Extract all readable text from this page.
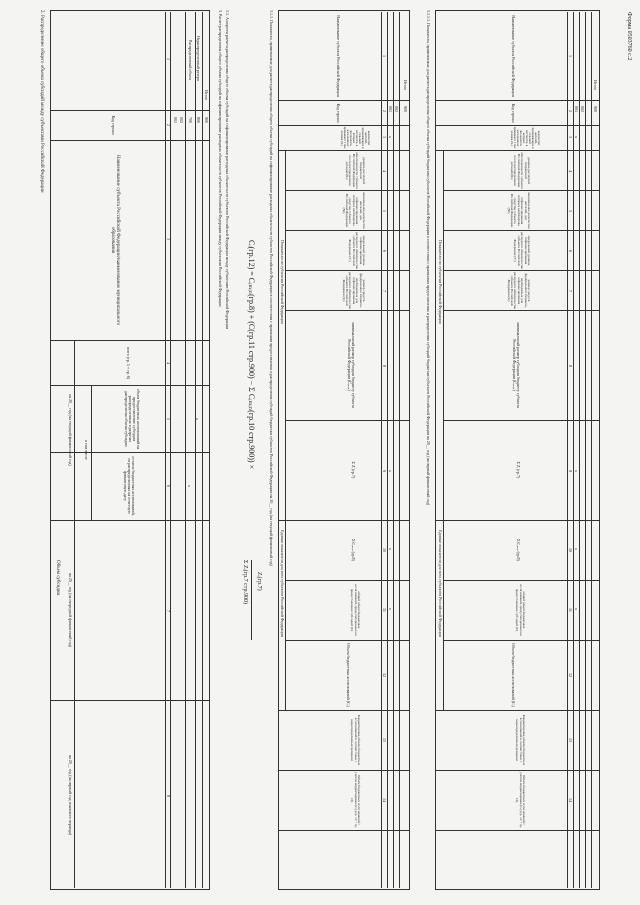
Форма 0503760 с.2
2. Распределение общего объема субсидий между субъектами Российской Федерации
Наименование субъекта Российской Федерации/наименование муниципального образования
Код строки
Объем субсидии
на 20__ год (на текущий финансовый год)
на 20__ год (на очередной финансовый год)
на 20__ год (на первый год планового периода)
всего (гр. 5 + гр. 6)
в том числе
объем бюджетных ассигнований на предоставление субсидии распределенных в разрезах распределения объема субсидии
остаток бюджетных ассигнований, не распределенных на отчетную финансовую дату
1
2
3
4
5
6
7
8
001 002
Распределенный объем Нераспределенный резерв
Итого
700 800 900
x
x
3. Расчет распределения общего объема субсидий на софинансирование расходных обязательств субъектов Российской Федерации между субъектами Российской Федерации 3.1. Алгоритм расчета распределения общего объема субсидий на софинансирование расходных обязательств субъектов Российской Федерации между субъектами Российской Федерации
Cᵢ(гр.12) = Cᵢₘᵢₙ(гр.8) + (C(гр.11 стр.900) − Σ Cᵢₘᵢₙ(гр.10 стр.900)) ×
Zᵢ(гр.7)
Σ Zᵢ(гр.7 стр.900)
3.1.1. Показатели, применяемые для расчета распределения общего объема субсидий на софинансирование расходных обязательств субъектов Российской Федерации в соответствии с правилами предоставления и распределения субсидий бюджетам субъектов Российской Федерации на 20__ год (на текущий финансовый год)	Наименование субъекта Российской Федерации
Код строки
Показатели по субъектам Российской Федерации
Единые показатели для всех субъектов Российской Федерации
количество жителей, проживающих в сельской местности, в которых численность населения не превышает 1 тыс. человек (Nᵢ)
уровень расчетной бюджетной обеспеченности субъекта Российской Федерации после распределения дотаций (Rᵢ)
минимальное количество жителей, для софинансирования которых необходимы средства субъекта Российской Федерации (Ni)
предельный уровень софинансирования расходного обязательства субъекта Российской Федерации (Yᵢ)
размер средств федерального бюджета, необходимых для софинансирования расходного обязательства субъекта Российской Федерации (Zᵢ)
минимальный размер субсидии бюджету субъекта Российской Федерации (Cᵢₘᵢₙ)
Σ Zᵢ (гр.7)
Σ Cᵢₘᵢₙ (гр.8)
общий объем бюджетных ассигнований, предусмотренных на предоставление субсидий (C)
Объем бюджетных ассигнований (Cᵢ)
Корректировка объема бюджетных ассигнований в соответствии с нераспределенным резервом
Объем бюджетных ассигнований с учетом корректировки (Cᵢ) (гр. 12 + гр. 13)
1
2
3
4
5
6
7
8
9
10
11
12
13
14
001 002
Итого
900
x
x
x
x
3.1.1.1. Показатели, применяемые для расчета распределения общего объема субсидий бюджетам субъектов Российской Федерации в соответствии с правилами предоставления и распределения субсидий бюджетам субъектов Российской Федерации на 20__ год (на первый финансовый год)	Наименование субъекта Российской Федерации
Код строки
Показатели по субъектам Российской Федерации
Единые показатели для всех субъектов Российской Федерации
количество жителей, проживающих в сельской местности, в которых численность населения не превышает 1 тыс. человек (Nᵢ)
уровень расчетной бюджетной обеспеченности субъекта Российской Федерации после распределения дотаций (Rᵢ)
минимальное количество жителей, для софинансирования которых необходимы средства субъекта Российской Федерации (Ni)
предельный уровень софинансирования расходного обязательства субъекта Российской Федерации (Yᵢ)
размер средств федерального бюджета, необходимых для софинансирования расходного обязательства субъекта Российской Федерации (Zᵢ)
минимальный размер субсидии бюджету субъекта Российской Федерации (Cᵢₘᵢₙ)
Σ Zᵢ (гр.7)
Σ Cᵢₘᵢₙ (гр.8)
общий объем бюджетных ассигнований, предусмотренных на предоставление субсидий (C)
Объем бюджетных ассигнований (Cᵢ)
Корректировка объема бюджетных ассигнований в соответствии с нераспределенным резервом
Объем бюджетных ассигнований с учетом корректировки (Cᵢ) (гр. 12 + гр. 13)
1
2
3
4
5
6
7
8
9
10
11
12
13
14
001 002
Итого
900
x
x
x
x
